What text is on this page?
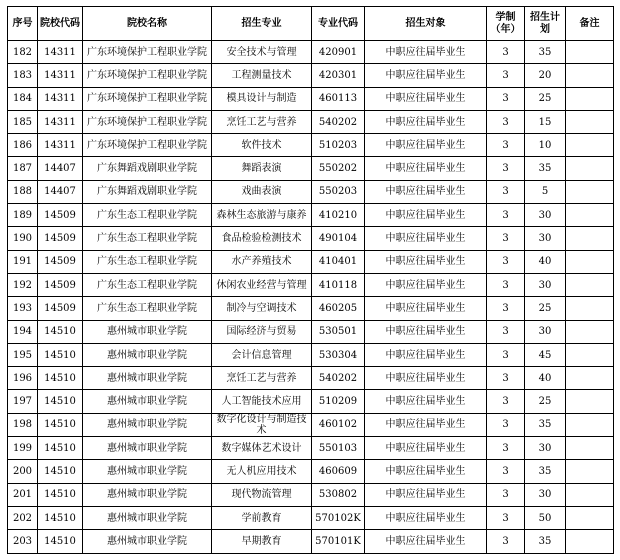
序号	院校代码	院校名称	招生专业	专业代码	招生对象	学制（年）	招生计划	备注
182	14311	广东环境保护工程职业学院	安全技术与管理	420901	中职应往届毕业生	3	35	
183	14311	广东环境保护工程职业学院	工程测量技术	420301	中职应往届毕业生	3	20	
184	14311	广东环境保护工程职业学院	模具设计与制造	460113	中职应往届毕业生	3	25	
185	14311	广东环境保护工程职业学院	烹饪工艺与营养	540202	中职应往届毕业生	3	15	
186	14311	广东环境保护工程职业学院	软件技术	510203	中职应往届毕业生	3	10	
187	14407	广东舞蹈戏剧职业学院	舞蹈表演	550202	中职应往届毕业生	3	35	
188	14407	广东舞蹈戏剧职业学院	戏曲表演	550203	中职应往届毕业生	3	5	
189	14509	广东生态工程职业学院	森林生态旅游与康养	410210	中职应往届毕业生	3	30	
190	14509	广东生态工程职业学院	食品检验检测技术	490104	中职应往届毕业生	3	30	
191	14509	广东生态工程职业学院	水产养殖技术	410401	中职应往届毕业生	3	40	
192	14509	广东生态工程职业学院	休闲农业经营与管理	410118	中职应往届毕业生	3	30	
193	14509	广东生态工程职业学院	制冷与空调技术	460205	中职应往届毕业生	3	25	
194	14510	惠州城市职业学院	国际经济与贸易	530501	中职应往届毕业生	3	30	
195	14510	惠州城市职业学院	会计信息管理	530304	中职应往届毕业生	3	45	
196	14510	惠州城市职业学院	烹饪工艺与营养	540202	中职应往届毕业生	3	40	
197	14510	惠州城市职业学院	人工智能技术应用	510209	中职应往届毕业生	3	25	
198	14510	惠州城市职业学院	数字化设计与制造技术	460102	中职应往届毕业生	3	35	
199	14510	惠州城市职业学院	数字媒体艺术设计	550103	中职应往届毕业生	3	30	
200	14510	惠州城市职业学院	无人机应用技术	460609	中职应往届毕业生	3	35	
201	14510	惠州城市职业学院	现代物流管理	530802	中职应往届毕业生	3	30	
202	14510	惠州城市职业学院	学前教育	570102K	中职应往届毕业生	3	50	
203	14510	惠州城市职业学院	早期教育	570101K	中职应往届毕业生	3	35	
